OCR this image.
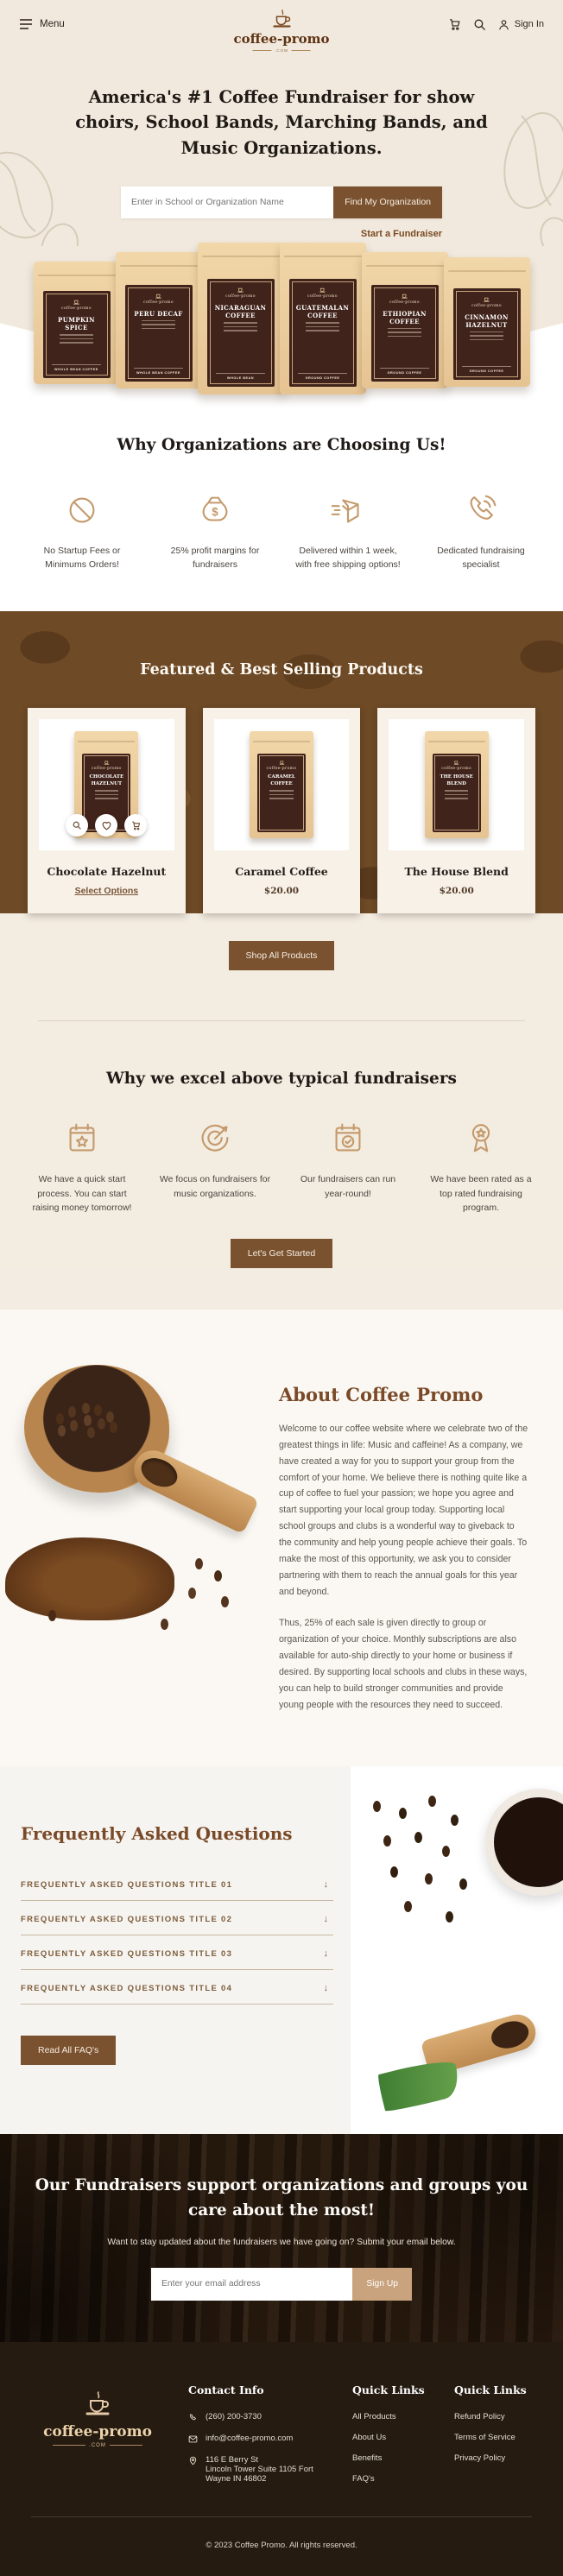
Menu
coffee-promo
.COM
Sign In
America's #1 Coffee Fundraiser for show choirs, School Bands, Marching Bands, and Music Organizations.
Enter in School or Organization Name
Find My Organization
Start a Fundraiser
coffee-promo
PUMPKIN SPICE
WHOLE BEAN COFFEE
coffee-promo
PERU DECAF
WHOLE BEAN COFFEE
coffee-promo
NICARAGUAN COFFEE
WHOLE BEAN
coffee-promo
GUATEMALAN COFFEE
GROUND COFFEE
coffee-promo
ETHIOPIAN COFFEE
GROUND COFFEE
coffee-promo
CINNAMON HAZELNUT
GROUND COFFEE
Why Organizations are Choosing Us!

No Startup Fees or Minimums Orders!

$

25% profit margins for fundraisers

Delivered within 1 week, with free shipping options!

Dedicated fundraising specialist

Featured & Best Selling Products
coffee-promo
CHOCOLATE HAZELNUT
Chocolate Hazelnut
Select Options
coffee-promo
CARAMEL COFFEE
Caramel Coffee
$20.00
coffee-promo
THE HOUSE BLEND
The House Blend
$20.00
Shop All Products
Why we excel above typical fundraisers

We have a quick start process. You can start raising money tomorrow!

We focus on fundraisers for music organizations.

Our fundraisers can run year-round!

We have been rated as a top rated fundraising program.

Let's Get Started
About Coffee Promo

Welcome to our coffee website where we celebrate two of the greatest things in life: Music and caffeine! As a company, we have created a way for you to support your group from the comfort of your home. We believe there is nothing quite like a cup of coffee to fuel your passion; we hope you agree and start supporting your local group today. Supporting local school groups and clubs is a wonderful way to giveback to the community and help young people achieve their goals. To make the most of this opportunity, we ask you to consider partnering with them to reach the annual goals for this year and beyond.

Thus, 25% of each sale is given directly to group or organization of your choice. Monthly subscriptions are also available for auto-ship directly to your home or business if desired. By supporting local schools and clubs in these ways, you can help to build stronger communities and provide young people with the resources they need to succeed.

Frequently Asked Questions
FREQUENTLY ASKED QUESTIONS TITLE 01	↓
FREQUENTLY ASKED QUESTIONS TITLE 02	↓
FREQUENTLY ASKED QUESTIONS TITLE 03	↓
FREQUENTLY ASKED QUESTIONS TITLE 04	↓
Read All FAQ's
Our Fundraisers support organizations and groups you care about the most!

Want to stay updated about the fundraisers we have going on? Submit your email below.

Enter your email address
Sign Up
coffee-promo
.COM
Contact Info
(260) 200-3730
info@coffee-promo.com
116 E Berry St
Lincoln Tower Suite 1105 Fort Wayne IN 46802
Quick Links
All Products
About Us
Benefits
FAQ's
Quick Links
Refund Policy
Terms of Service
Privacy Policy
© 2023 Coffee Promo. All rights reserved.
